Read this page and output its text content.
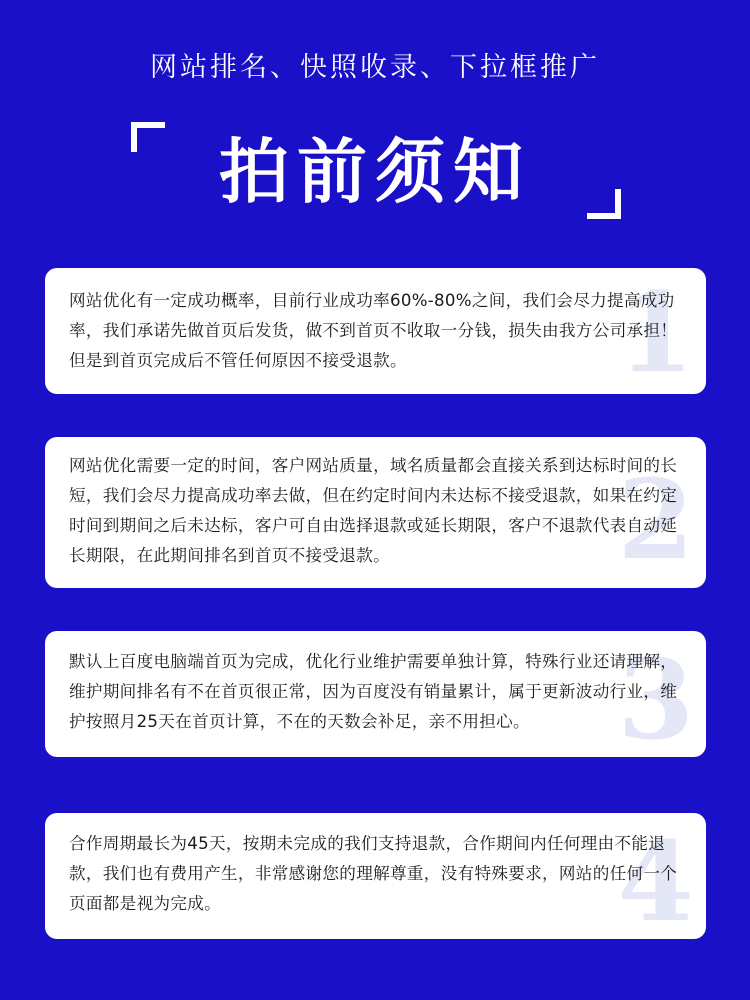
网站排名、快照收录、下拉框推广
拍前须知
1
网站优化有一定成功概率，目前行业成功率60%-80%之间，我们会尽力提高成功率，我们承诺先做首页后发货，做不到首页不收取一分钱，损失由我方公司承担！但是到首页完成后不管任何原因不接受退款。
2
网站优化需要一定的时间，客户网站质量，域名质量都会直接关系到达标时间的长短，我们会尽力提高成功率去做，但在约定时间内未达标不接受退款，如果在约定时间到期间之后未达标，客户可自由选择退款或延长期限，客户不退款代表自动延长期限，在此期间排名到首页不接受退款。
3
默认上百度电脑端首页为完成，优化行业维护需要单独计算，特殊行业还请理解，维护期间排名有不在首页很正常，因为百度没有销量累计，属于更新波动行业，维护按照月25天在首页计算，不在的天数会补足，亲不用担心。
4
合作周期最长为45天，按期未完成的我们支持退款，合作期间内任何理由不能退款，我们也有费用产生，非常感谢您的理解尊重，没有特殊要求，网站的任何一个页面都是视为完成。
